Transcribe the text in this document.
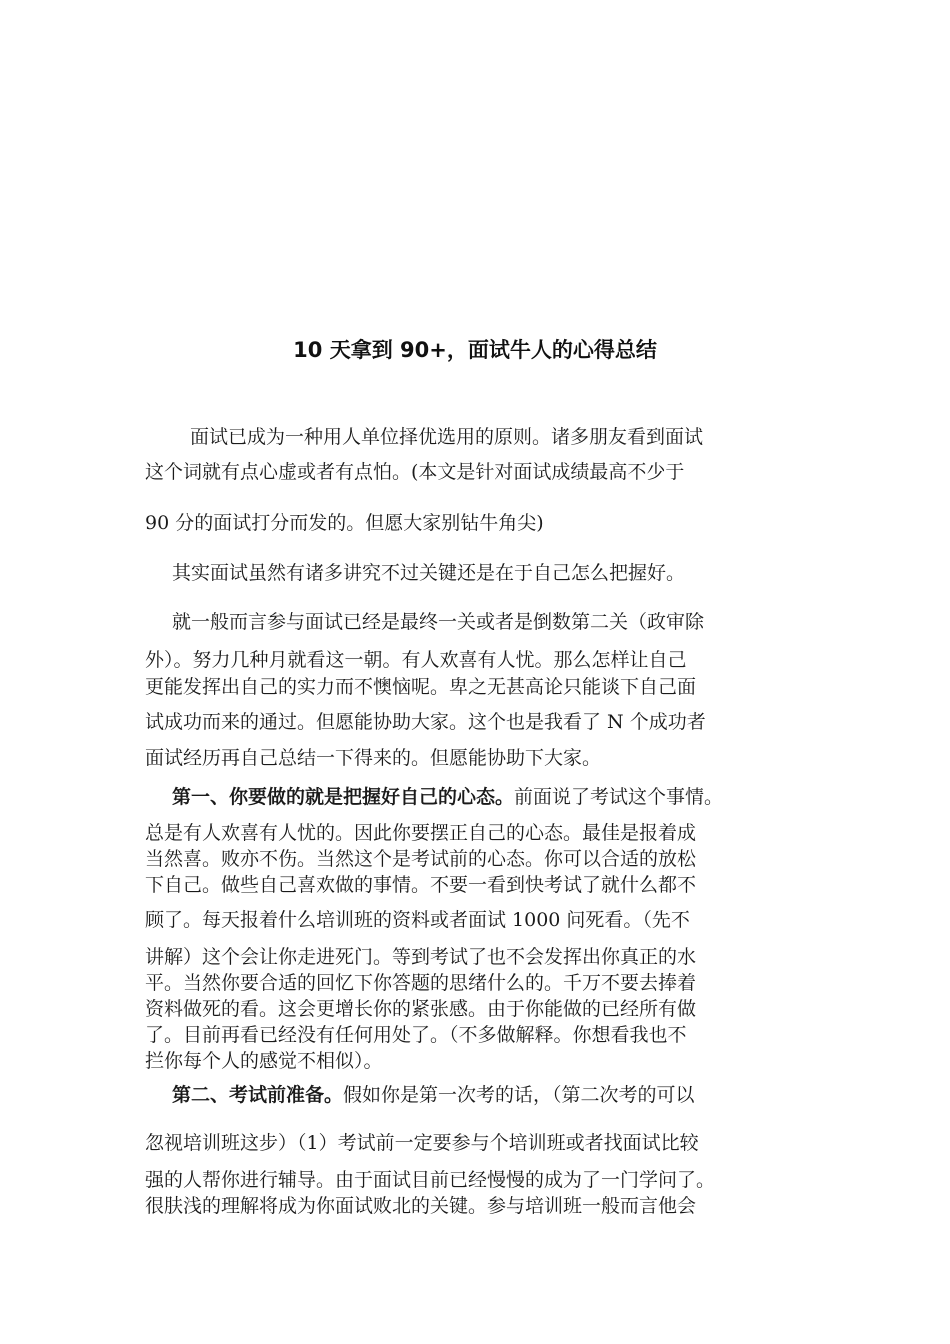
10 天拿到 90+，面试牛人的心得总结
面试已成为一种用人单位择优选用的原则。诸多朋友看到面试
这个词就有点心虚或者有点怕。(本文是针对面试成绩最高不少于
90 分的面试打分而发的。但愿大家别钻牛角尖)
其实面试虽然有诸多讲究不过关键还是在于自己怎么把握好。
就一般而言参与面试已经是最终一关或者是倒数第二关（政审除
外）。努力几种月就看这一朝。有人欢喜有人忧。那么怎样让自己
更能发挥出自己的实力而不懊恼呢。卑之无甚高论只能谈下自己面
试成功而来的通过。但愿能协助大家。这个也是我看了 N 个成功者
面试经历再自己总结一下得来的。但愿能协助下大家。
第一、你要做的就是把握好自己的心态。前面说了考试这个事情。
总是有人欢喜有人忧的。因此你要摆正自己的心态。最佳是报着成
当然喜。败亦不伤。当然这个是考试前的心态。你可以合适的放松
下自己。做些自己喜欢做的事情。不要一看到快考试了就什么都不
顾了。每天报着什么培训班的资料或者面试 1000 问死看。（先不
讲解）这个会让你走进死门。等到考试了也不会发挥出你真正的水
平。当然你要合适的回忆下你答题的思绪什么的。千万不要去捧着
资料做死的看。这会更增长你的紧张感。由于你能做的已经所有做
了。目前再看已经没有任何用处了。（不多做解释。你想看我也不
拦你每个人的感觉不相似）。
第二、考试前准备。假如你是第一次考的话，（第二次考的可以
忽视培训班这步）（1）考试前一定要参与个培训班或者找面试比较
强的人帮你进行辅导。由于面试目前已经慢慢的成为了一门学问了。
很肤浅的理解将成为你面试败北的关键。参与培训班一般而言他会
